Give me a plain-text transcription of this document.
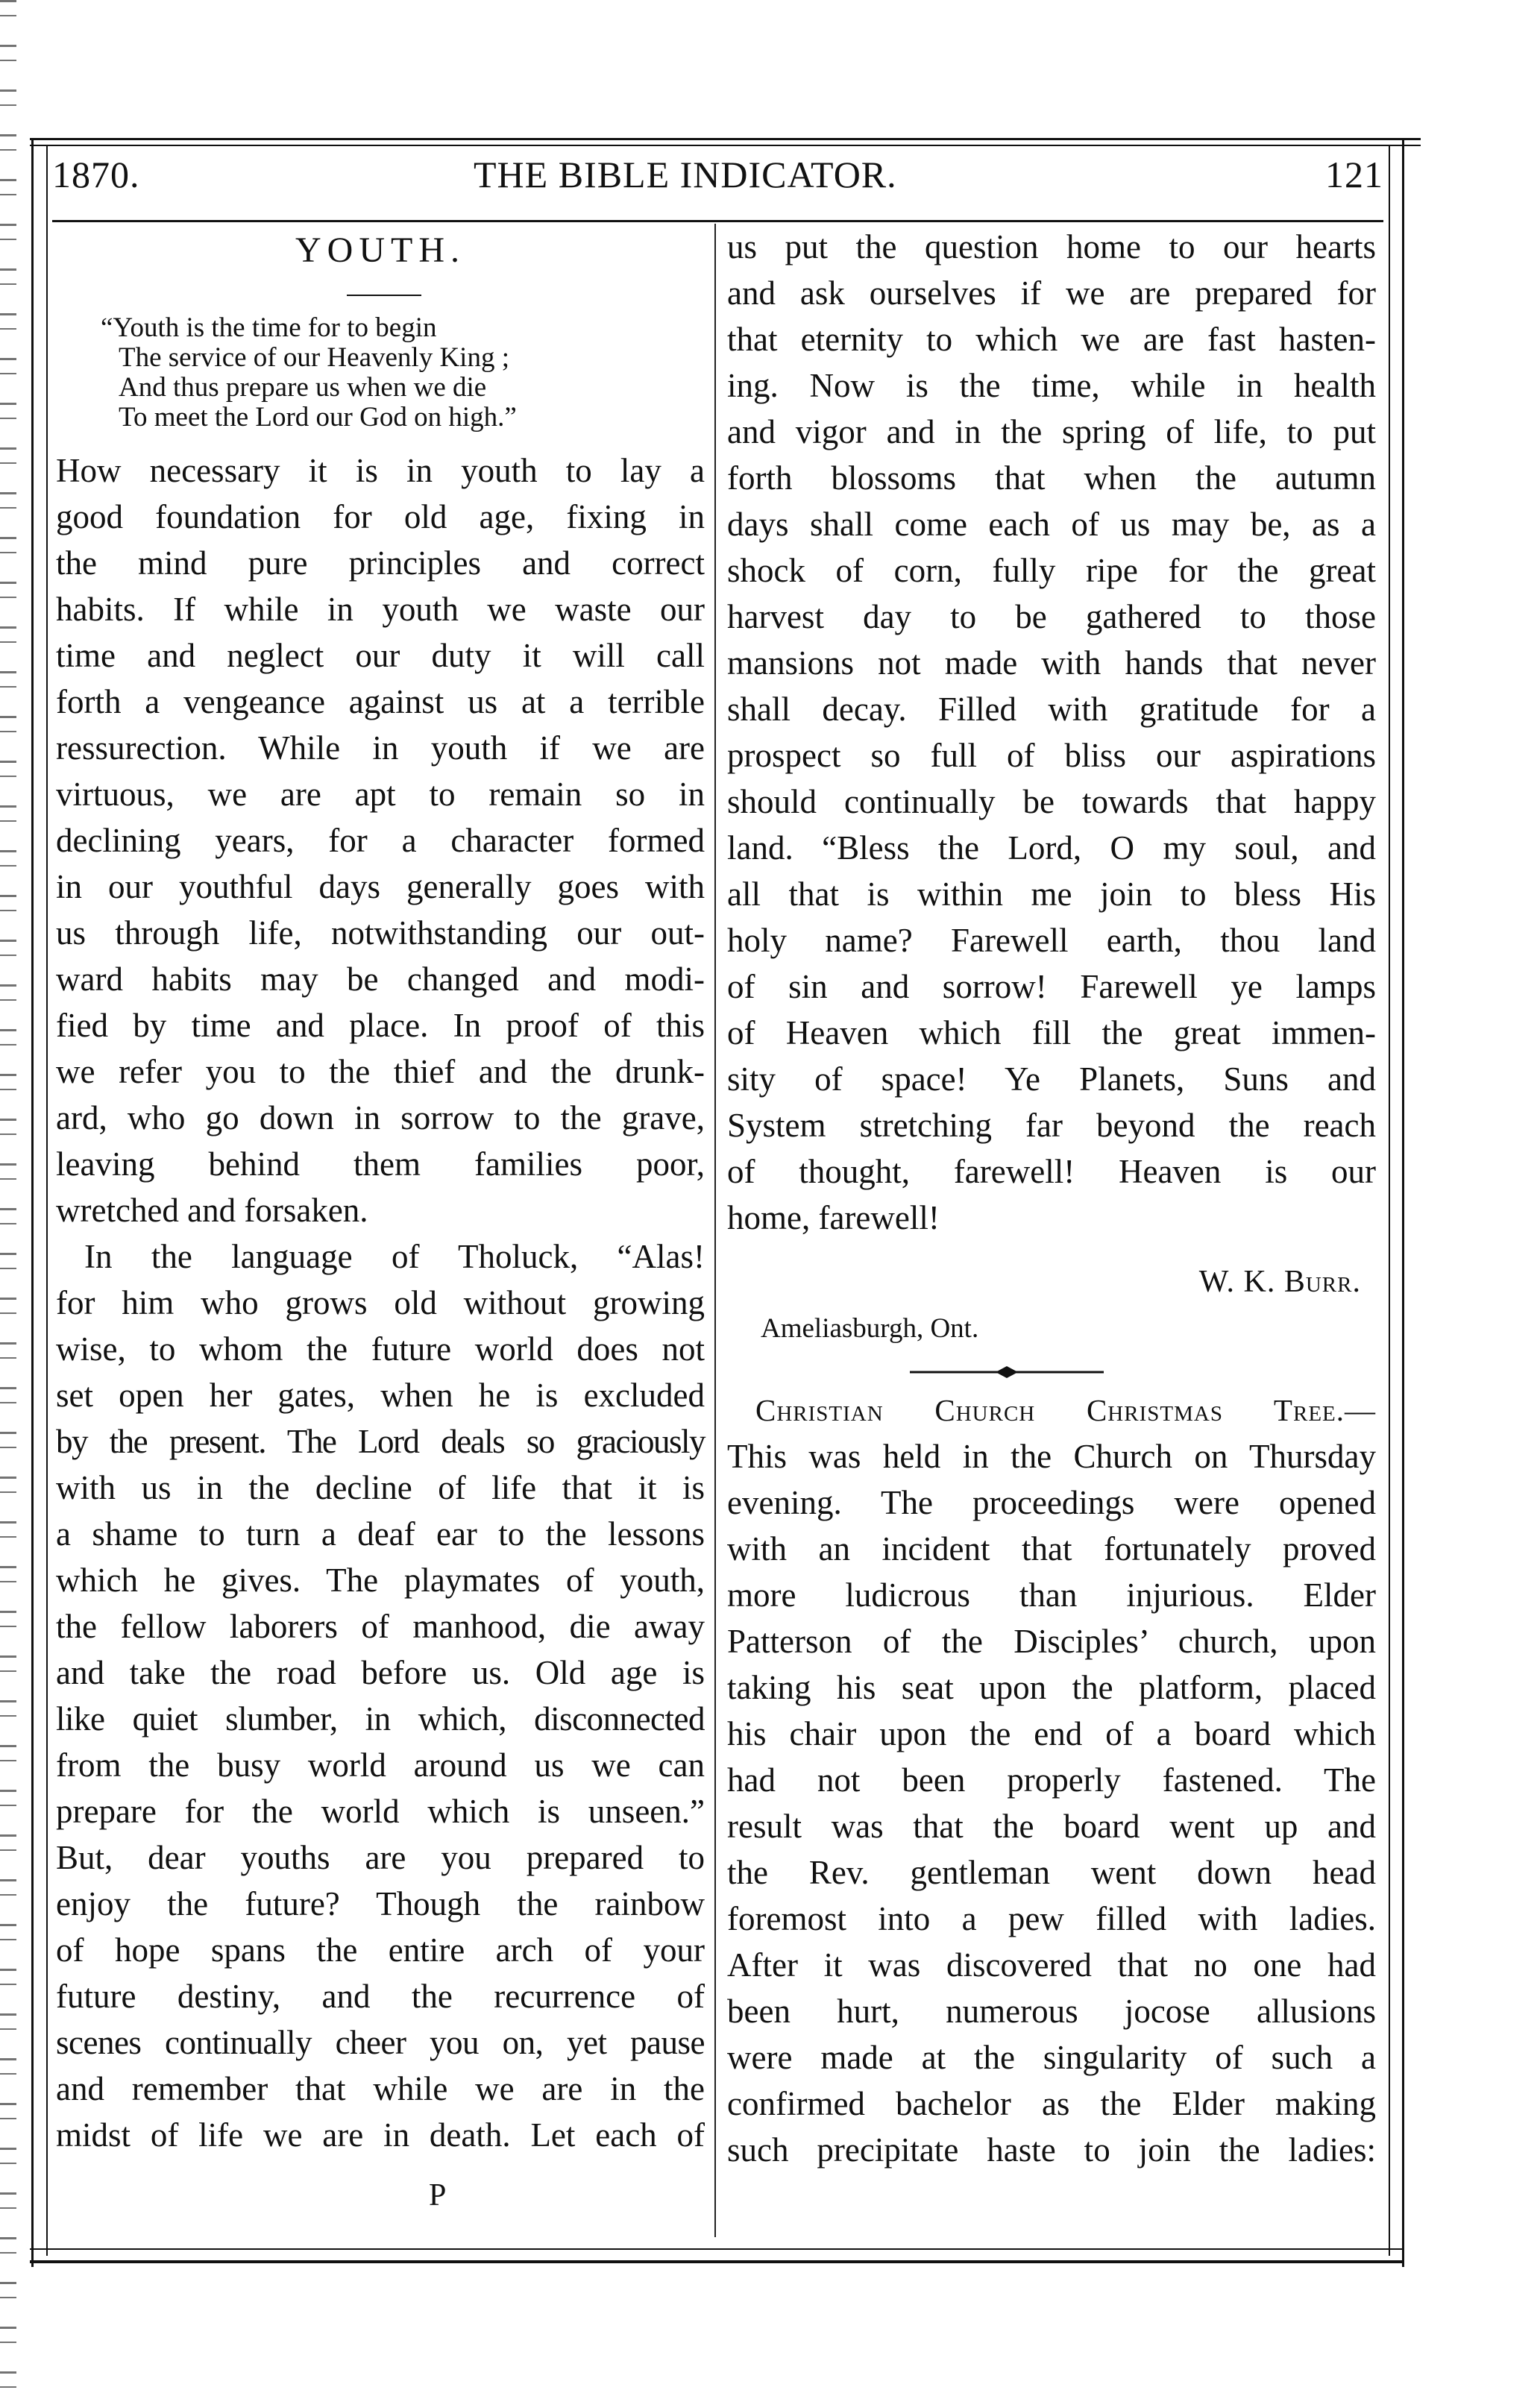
1870.	THE BIBLE INDICATOR.	121
YOUTH.
“Youth is the time for to begin
The service of our Heavenly King ;
And thus prepare us when we die
To meet the Lord our God on high.”
How necessary it is in youth to lay a
good foundation for old age, fixing in
the mind pure principles and correct
habits. If while in youth we waste our
time and neglect our duty it will call
forth a vengeance against us at a terrible
ressurection. While in youth if we are
virtuous, we are apt to remain so in
declining years, for a character formed
in our youthful days generally goes with
us through life, notwithstanding our out-
ward habits may be changed and modi-
fied by time and place. In proof of this
we refer you to the thief and the drunk-
ard, who go down in sorrow to the grave,
leaving behind them families poor,
wretched and forsaken.
In the language of Tholuck, “Alas!
for him who grows old without growing
wise, to whom the future world does not
set open her gates, when he is excluded
by the present. The Lord deals so graciously
with us in the decline of life that it is
a shame to turn a deaf ear to the lessons
which he gives. The playmates of youth,
the fellow laborers of manhood, die away
and take the road before us. Old age is
like quiet slumber, in which, disconnected
from the busy world around us we can
prepare for the world which is unseen.”
But, dear youths are you prepared to
enjoy the future? Though the rainbow
of hope spans the entire arch of your
future destiny, and the recurrence of
scenes continually cheer you on, yet pause
and remember that while we are in the
midst of life we are in death. Let each of
us put the question home to our hearts
and ask ourselves if we are prepared for
that eternity to which we are fast hasten-
ing. Now is the time, while in health
and vigor and in the spring of life, to put
forth blossoms that when the autumn
days shall come each of us may be, as a
shock of corn, fully ripe for the great
harvest day to be gathered to those
mansions not made with hands that never
shall decay. Filled with gratitude for a
prospect so full of bliss our aspirations
should continually be towards that happy
land. “Bless the Lord, O my soul, and
all that is within me join to bless His
holy name? Farewell earth, thou land
of sin and sorrow! Farewell ye lamps
of Heaven which fill the great immen-
sity of space! Ye Planets, Suns and
System stretching far beyond the reach
of thought, farewell! Heaven is our
home, farewell!
W. K. Burr.
Ameliasburgh, Ont.
Christian Church Christmas Tree.—
This was held in the Church on Thursday
evening. The proceedings were opened
with an incident that fortunately proved
more ludicrous than injurious. Elder
Patterson of the Disciples’ church, upon
taking his seat upon the platform, placed
his chair upon the end of a board which
had not been properly fastened. The
result was that the board went up and
the Rev. gentleman went down head
foremost into a pew filled with ladies.
After it was discovered that no one had
been hurt, numerous jocose allusions
were made at the singularity of such a
confirmed bachelor as the Elder making
such precipitate haste to join the ladies:
P
